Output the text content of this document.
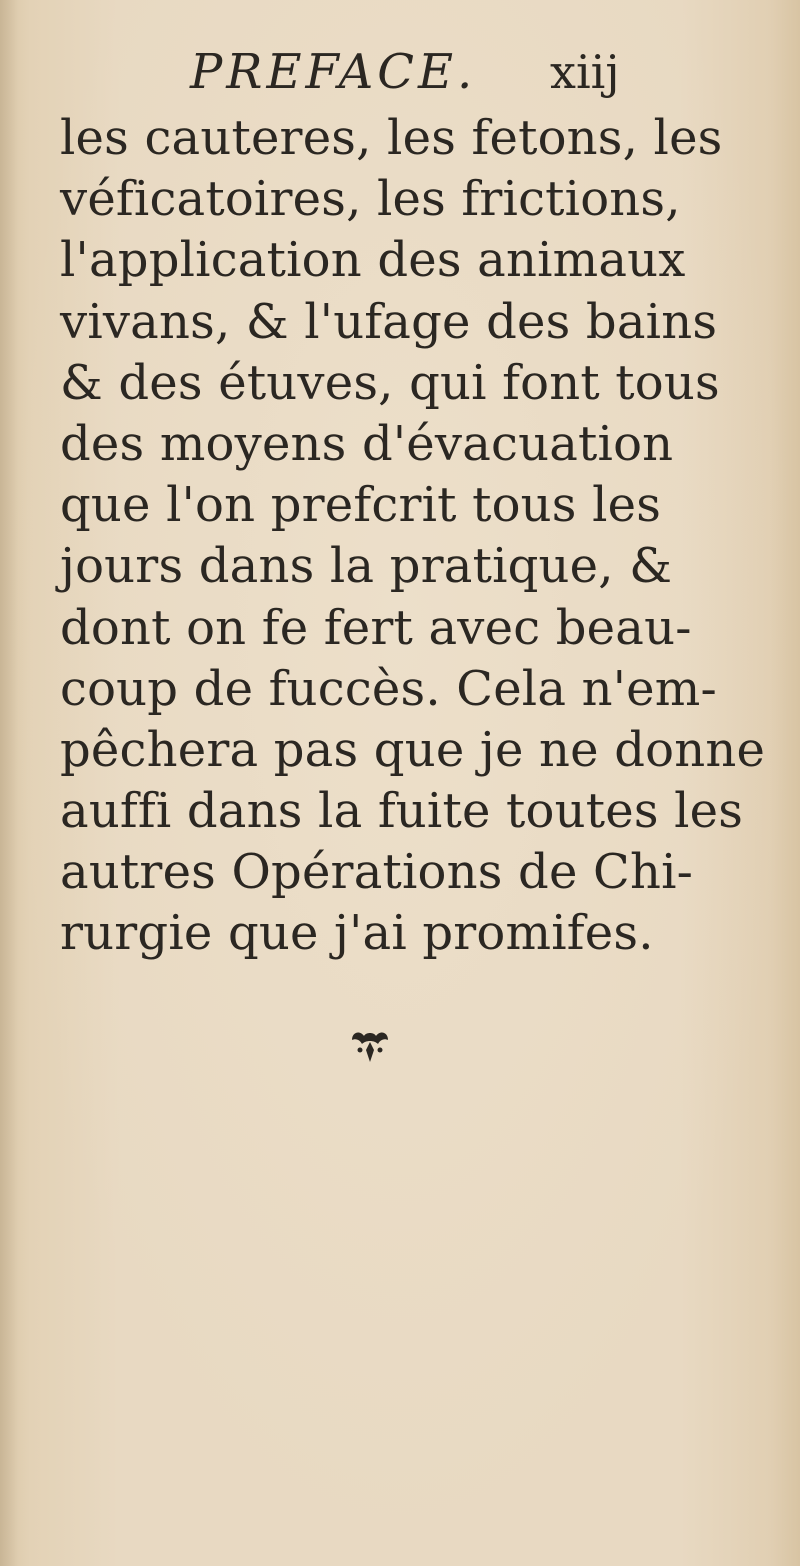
PREFACE. xiij
les cauteres, les fetons, les
véficatoires, les frictions,
l'application des animaux
vivans, & l'ufage des bains
& des étuves, qui font tous
des moyens d'évacuation
que l'on prefcrit tous les
jours dans la pratique, &
dont on fe fert avec beau-
coup de fuccès. Cela n'em-
pêchera pas que je ne donne
auffi dans la fuite toutes les
autres Opérations de Chi-
rurgie que j'ai promifes.
